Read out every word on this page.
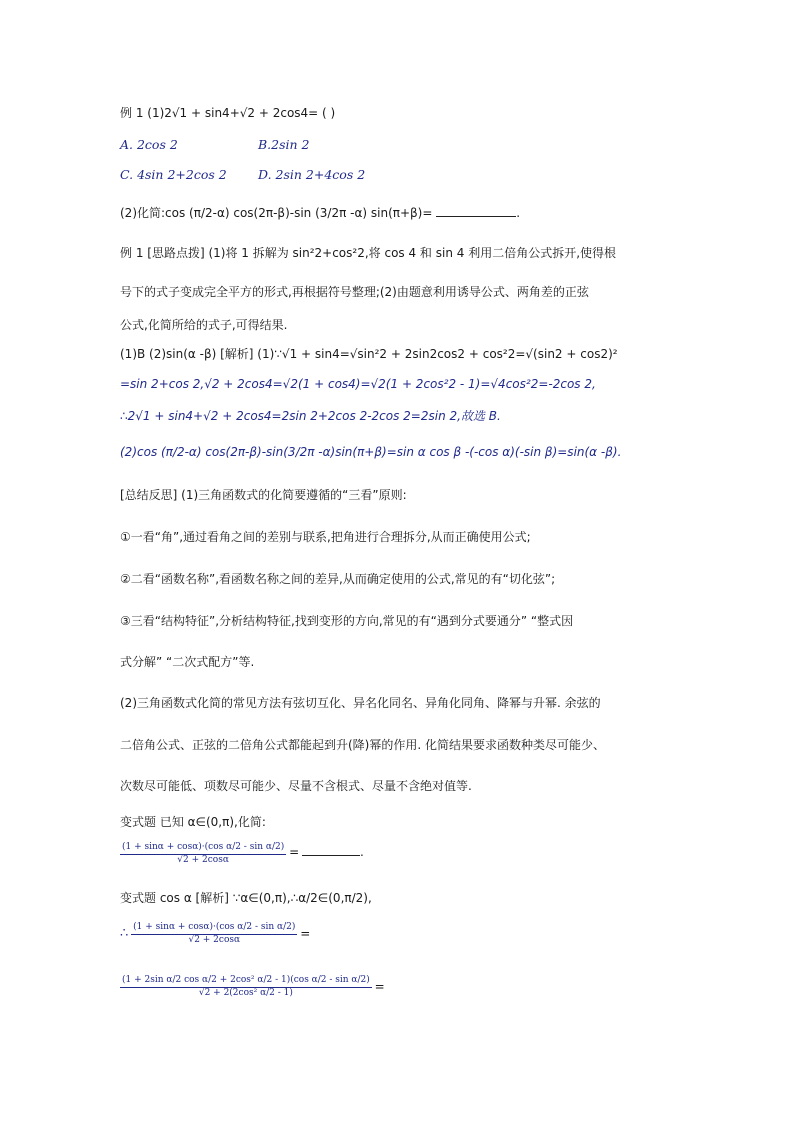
例 1 (1)2√1 + sin4+√2 + 2cos4= ( )
A. 2cos 2	B.2sin 2
C. 4sin 2+2cos 2	D. 2sin 2+4cos 2
(2)化简:cos (π/2-α) cos(2π-β)-sin (3/2π -α) sin(π+β)=	.
例 1 [思路点拨] (1)将 1 拆解为 sin²2+cos²2,将 cos 4 和 sin 4 利用二倍角公式拆开,使得根
号下的式子变成完全平方的形式,再根据符号整理;(2)由题意利用诱导公式、两角差的正弦
公式,化简所给的式子,可得结果.
(1)B (2)sin(α -β) [解析] (1)∵√1 + sin4=√sin²2 + 2sin2cos2 + cos²2=√(sin2 + cos2)²
=sin 2+cos 2,√2 + 2cos4=√2(1 + cos4)=√2(1 + 2cos²2 - 1)=√4cos²2=-2cos 2,
∴2√1 + sin4+√2 + 2cos4=2sin 2+2cos 2-2cos 2=2sin 2,故选 B.
(2)cos (π/2-α) cos(2π-β)-sin(3/2π -α)sin(π+β)=sin α cos β -(-cos α)(-sin β)=sin(α -β).
[总结反思] (1)三角函数式的化简要遵循的“三看”原则:
①一看“角”,通过看角之间的差别与联系,把角进行合理拆分,从而正确使用公式;
②二看“函数名称”,看函数名称之间的差异,从而确定使用的公式,常见的有“切化弦”;
③三看“结构特征”,分析结构特征,找到变形的方向,常见的有“遇到分式要通分” “整式因
式分解” “二次式配方”等.
(2)三角函数式化简的常见方法有弦切互化、异名化同名、异角化同角、降幂与升幂. 余弦的
二倍角公式、正弦的二倍角公式都能起到升(降)幂的作用. 化简结果要求函数种类尽可能少、
次数尽可能低、项数尽可能少、尽量不含根式、尽量不含绝对值等.
变式题 已知 α∈(0,π),化简:
$\frac{\text{(1 + sinα + cosα)·(cos α/2 - sin α/2)}}{√2 + 2\cos\alpha}$ =	.
变式题 cos α [解析] ∵α∈(0,π),∴α/2∈(0,π/2),
∴ $\frac{\text{(1 + sinα + cosα)·(cos α/2 - sin α/2)}}{√2 + 2\cos\alpha}$ =
$\frac{\text{(1 + 2sin α/2 cos α/2 + 2cos² α/2 - 1)(cos α/2 - sin α/2)}}{\text{√2 + 2(2cos² α/2 - 1)}}$ =
